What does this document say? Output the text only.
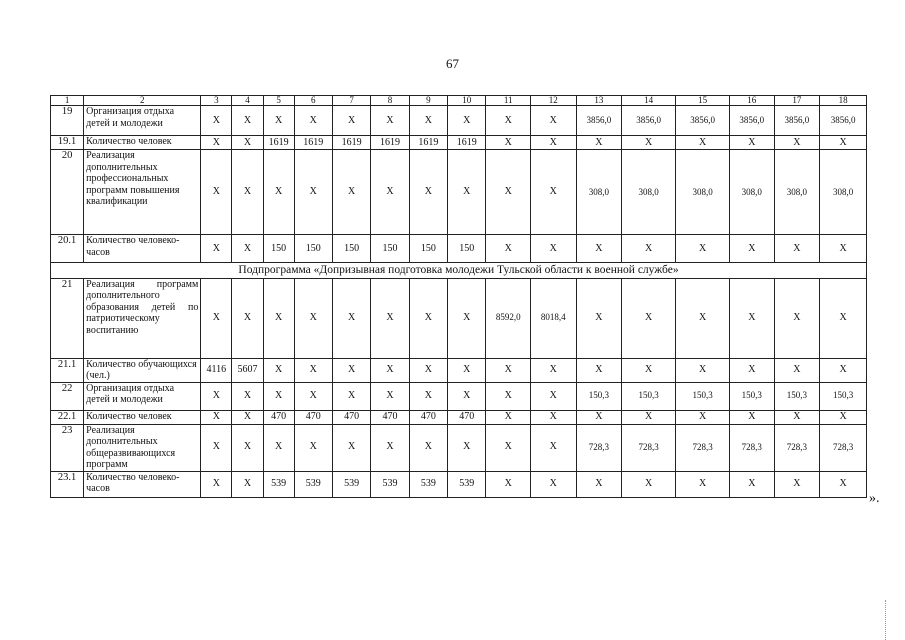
67
1	2	3	4	5	6	7	8	9	10	11	12	13	14	15	16	17	18
19	Организация отдыха детей и молодежи	X	X	X	X	X	X	X	X	X	X	3856,0	3856,0	3856,0	3856,0	3856,0	3856,0
19.1	Количество человек	X	X	1619	1619	1619	1619	1619	1619	X	X	X	X	X	X	X	X
20	Реализация дополнительных профессиональных программ повышения квалификации	X	X	X	X	X	X	X	X	X	X	308,0	308,0	308,0	308,0	308,0	308,0
20.1	Количество человеко-часов	X	X	150	150	150	150	150	150	X	X	X	X	X	X	X	X
Подпрограмма «Допризывная подготовка молодежи Тульской области к военной службе»																	
21	Реализация программ дополнительного образования детей по патриотическому воспитанию	X	X	X	X	X	X	X	X	8592,0	8018,4	X	X	X	X	X	X
21.1	Количество обучающихся (чел.)	4116	5607	X	X	X	X	X	X	X	X	X	X	X	X	X	X
22	Организация отдыха детей и молодежи	X	X	X	X	X	X	X	X	X	X	150,3	150,3	150,3	150,3	150,3	150,3
22.1	Количество человек	X	X	470	470	470	470	470	470	X	X	X	X	X	X	X	X
23	Реализация дополнительных общеразвивающихся программ	X	X	X	X	X	X	X	X	X	X	728,3	728,3	728,3	728,3	728,3	728,3
23.1	Количество человеко-часов	X	X	539	539	539	539	539	539	X	X	X	X	X	X	X	X
».
